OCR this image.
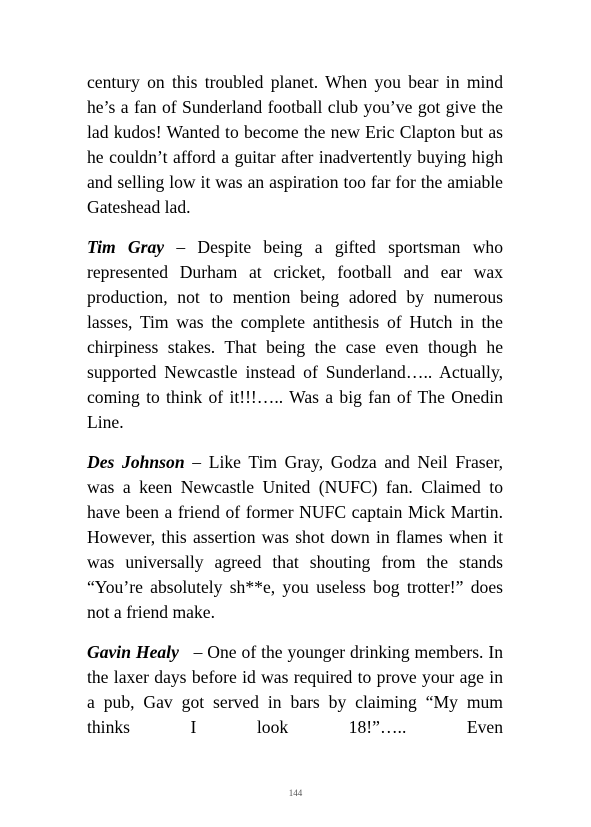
century on this troubled planet. When you bear in mind he’s a fan of Sunderland football club you’ve got give the lad kudos! Wanted to become the new Eric Clapton but as he couldn’t afford a guitar after inadvertently buying high and selling low it was an aspiration too far for the amiable Gateshead lad.

Tim Gray – Despite being a gifted sportsman who represented Durham at cricket, football and ear wax production, not to mention being adored by numerous lasses, Tim was the complete antithesis of Hutch in the chirpiness stakes. That being the case even though he supported Newcastle instead of Sunderland….. Actually, coming to think of it!!!….. Was a big fan of The Onedin Line.

Des Johnson – Like Tim Gray, Godza and Neil Fraser, was a keen Newcastle United (NUFC) fan. Claimed to have been a friend of former NUFC captain Mick Martin. However, this assertion was shot down in flames when it was universally agreed that shouting from the stands “You’re absolutely sh**e, you useless bog trotter!” does not a friend make.

Gavin Healy   – One of the younger drinking members. In the laxer days before id was required to prove your age in a pub, Gav got served in bars by claiming “My mum thinks I look 18!”….. Even

144
